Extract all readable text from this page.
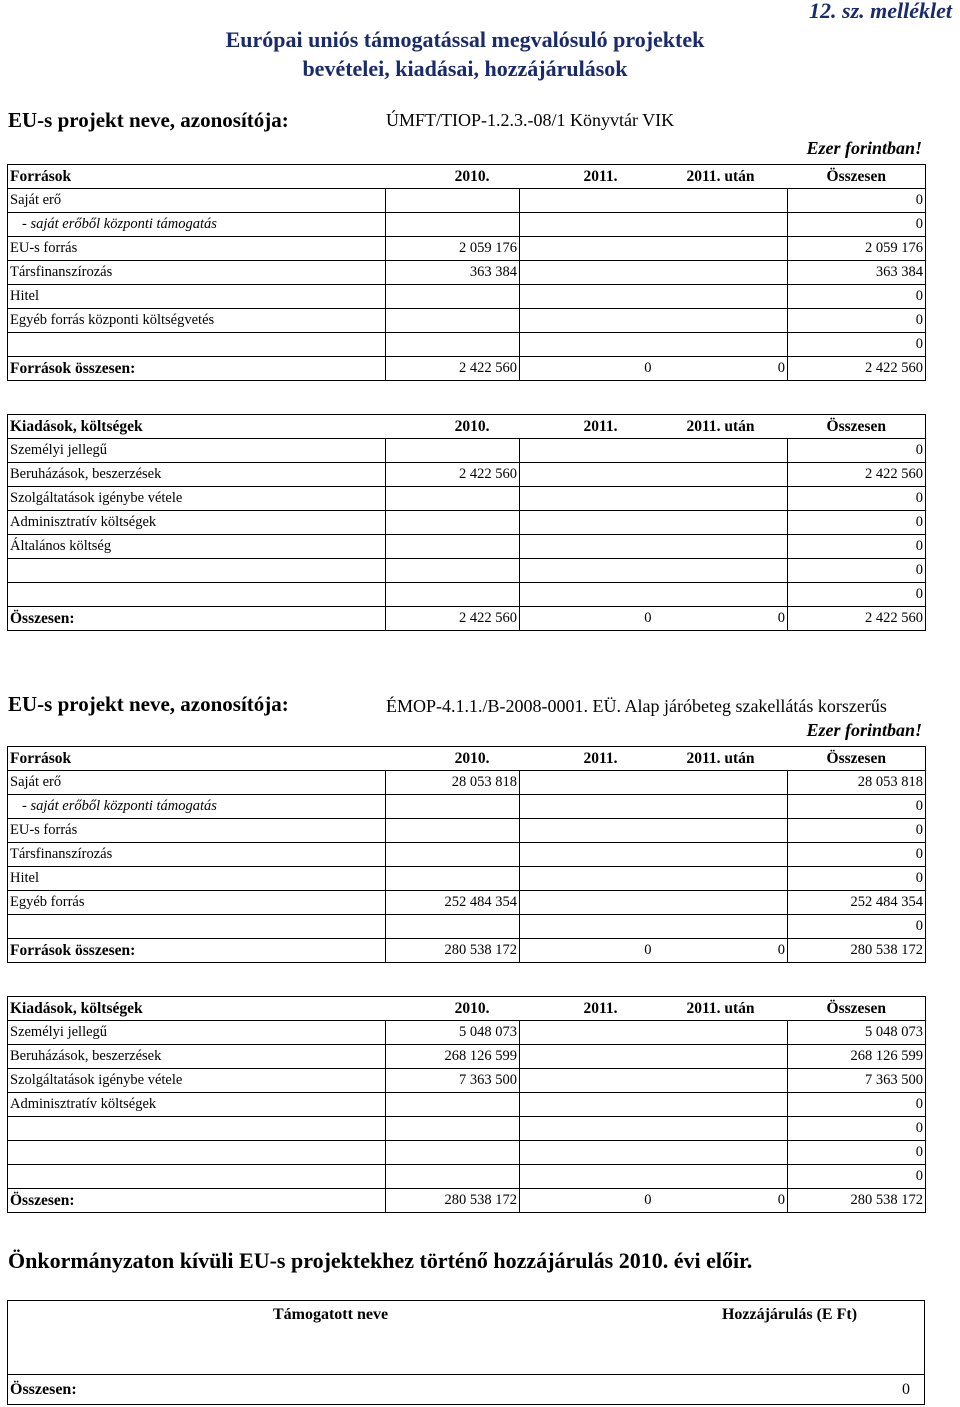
12. sz. melléklet
Európai uniós támogatással megvalósuló projektek
bevételei, kiadásai, hozzájárulások
EU-s projekt neve, azonosítója:	ÚMFT/TIOP-1.2.3.-08/1 Könyvtár VIK
Ezer forintban!
Források	2010.	2011.	2011. után	Összesen
Saját erő				0
- saját erőből központi támogatás				0
EU-s forrás	2 059 176			2 059 176
Társfinanszírozás	363 384			363 384
Hitel				0
Egyéb forrás központi költségvetés				0
				0
Források összesen:	2 422 560	0	0	2 422 560
Kiadások, költségek	2010.	2011.	2011. után	Összesen
Személyi jellegű				0
Beruházások, beszerzések	2 422 560			2 422 560
Szolgáltatások igénybe vétele				0
Adminisztratív költségek				0
Általános költség				0
				0
				0
Összesen:	2 422 560	0	0	2 422 560
EU-s projekt neve, azonosítója:	ÉMOP-4.1.1./B-2008-0001. EÜ. Alap járóbeteg szakellátás korszerűs
Ezer forintban!
Források	2010.	2011.	2011. után	Összesen
Saját erő	28 053 818			28 053 818
- saját erőből központi támogatás				0
EU-s forrás				0
Társfinanszírozás				0
Hitel				0
Egyéb forrás	252 484 354			252 484 354
				0
Források összesen:	280 538 172	0	0	280 538 172
Kiadások, költségek	2010.	2011.	2011. után	Összesen
Személyi jellegű	5 048 073			5 048 073
Beruházások, beszerzések	268 126 599			268 126 599
Szolgáltatások igénybe vétele	7 363 500			7 363 500
Adminisztratív költségek				0
				0
				0
				0
Összesen:	280 538 172	0	0	280 538 172
Önkormányzaton kívüli EU-s projektekhez történő hozzájárulás 2010. évi előir.
Támogatott neve	Hozzájárulás (E Ft)

Összesen:	0
